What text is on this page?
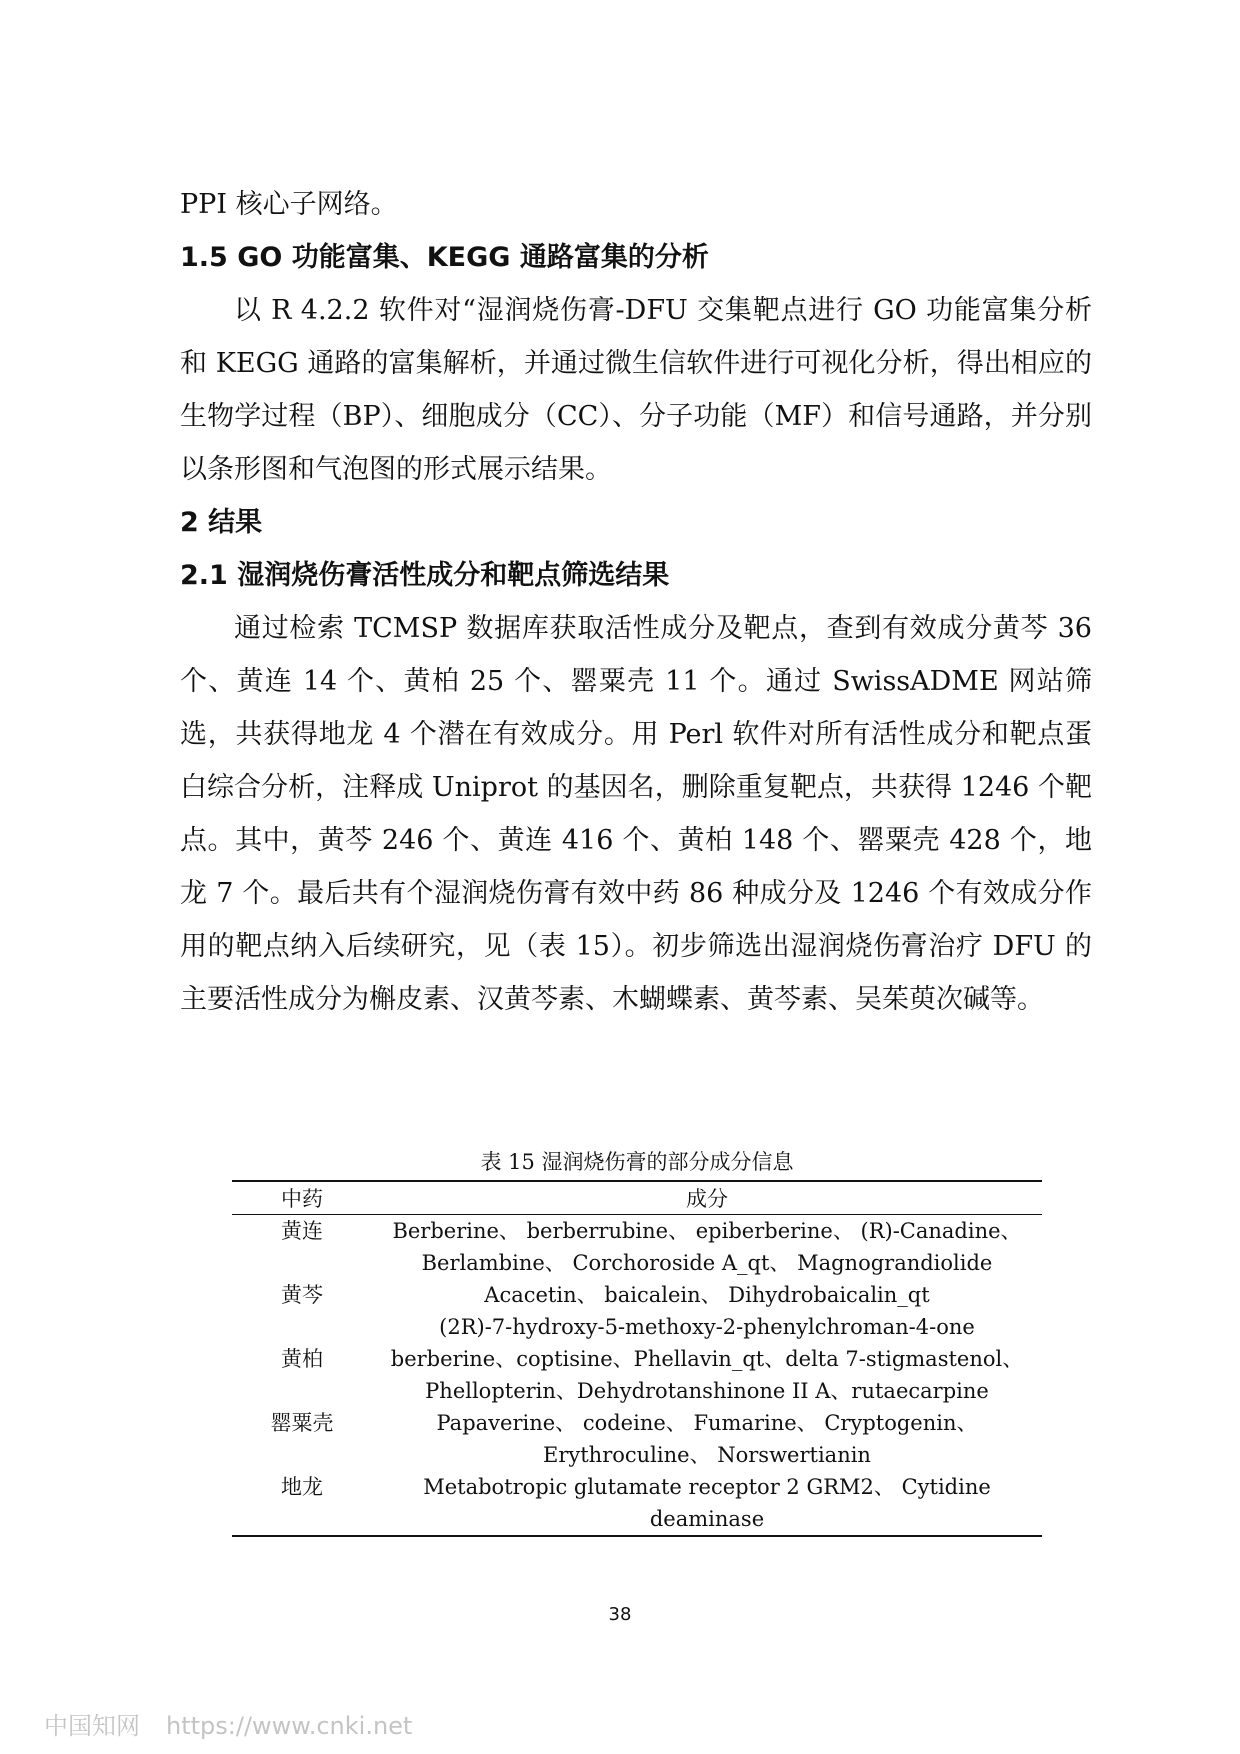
PPI 核心子网络。

1.5 GO 功能富集、KEGG 通路富集的分析

以 R 4.2.2 软件对“湿润烧伤膏-DFU 交集靶点进行 GO 功能富集分析和 KEGG 通路的富集解析，并通过微生信软件进行可视化分析，得出相应的生物学过程（BP）、细胞成分（CC）、分子功能（MF）和信号通路，并分别以条形图和气泡图的形式展示结果。

2 结果
2.1 湿润烧伤膏活性成分和靶点筛选结果

通过检索 TCMSP 数据库获取活性成分及靶点，查到有效成分黄芩 36 个、黄连 14 个、黄柏 25 个、罂粟壳 11 个。通过 SwissADME 网站筛选，共获得地龙 4 个潜在有效成分。用 Perl 软件对所有活性成分和靶点蛋白综合分析，注释成 Uniprot 的基因名，删除重复靶点，共获得 1246 个靶点。其中，黄芩 246 个、黄连 416 个、黄柏 148 个、罂粟壳 428 个，地龙 7 个。最后共有个湿润烧伤膏有效中药 86 种成分及 1246 个有效成分作用的靶点纳入后续研究，见（表 15）。初步筛选出湿润烧伤膏治疗 DFU 的主要活性成分为槲皮素、汉黄芩素、木蝴蝶素、黄芩素、吴茱萸次碱等。

表 15 湿润烧伤膏的部分成分信息
中药	成分
黄连	Berberine、 berberrubine、 epiberberine、 (R)-Canadine、
	Berlambine、 Corchoroside A_qt、 Magnograndiolide
黄芩	Acacetin、 baicalein、 Dihydrobaicalin_qt
	(2R)-7-hydroxy-5-methoxy-2-phenylchroman-4-one
黄柏	berberine、coptisine、Phellavin_qt、delta 7-stigmastenol、
	Phellopterin、Dehydrotanshinone II A、rutaecarpine
罂粟壳	Papaverine、 codeine、 Fumarine、 Cryptogenin、
	Erythroculine、 Norswertianin
地龙	Metabotropic glutamate receptor 2 GRM2、 Cytidine deaminase
38
中国知网 https://www.cnki.net
